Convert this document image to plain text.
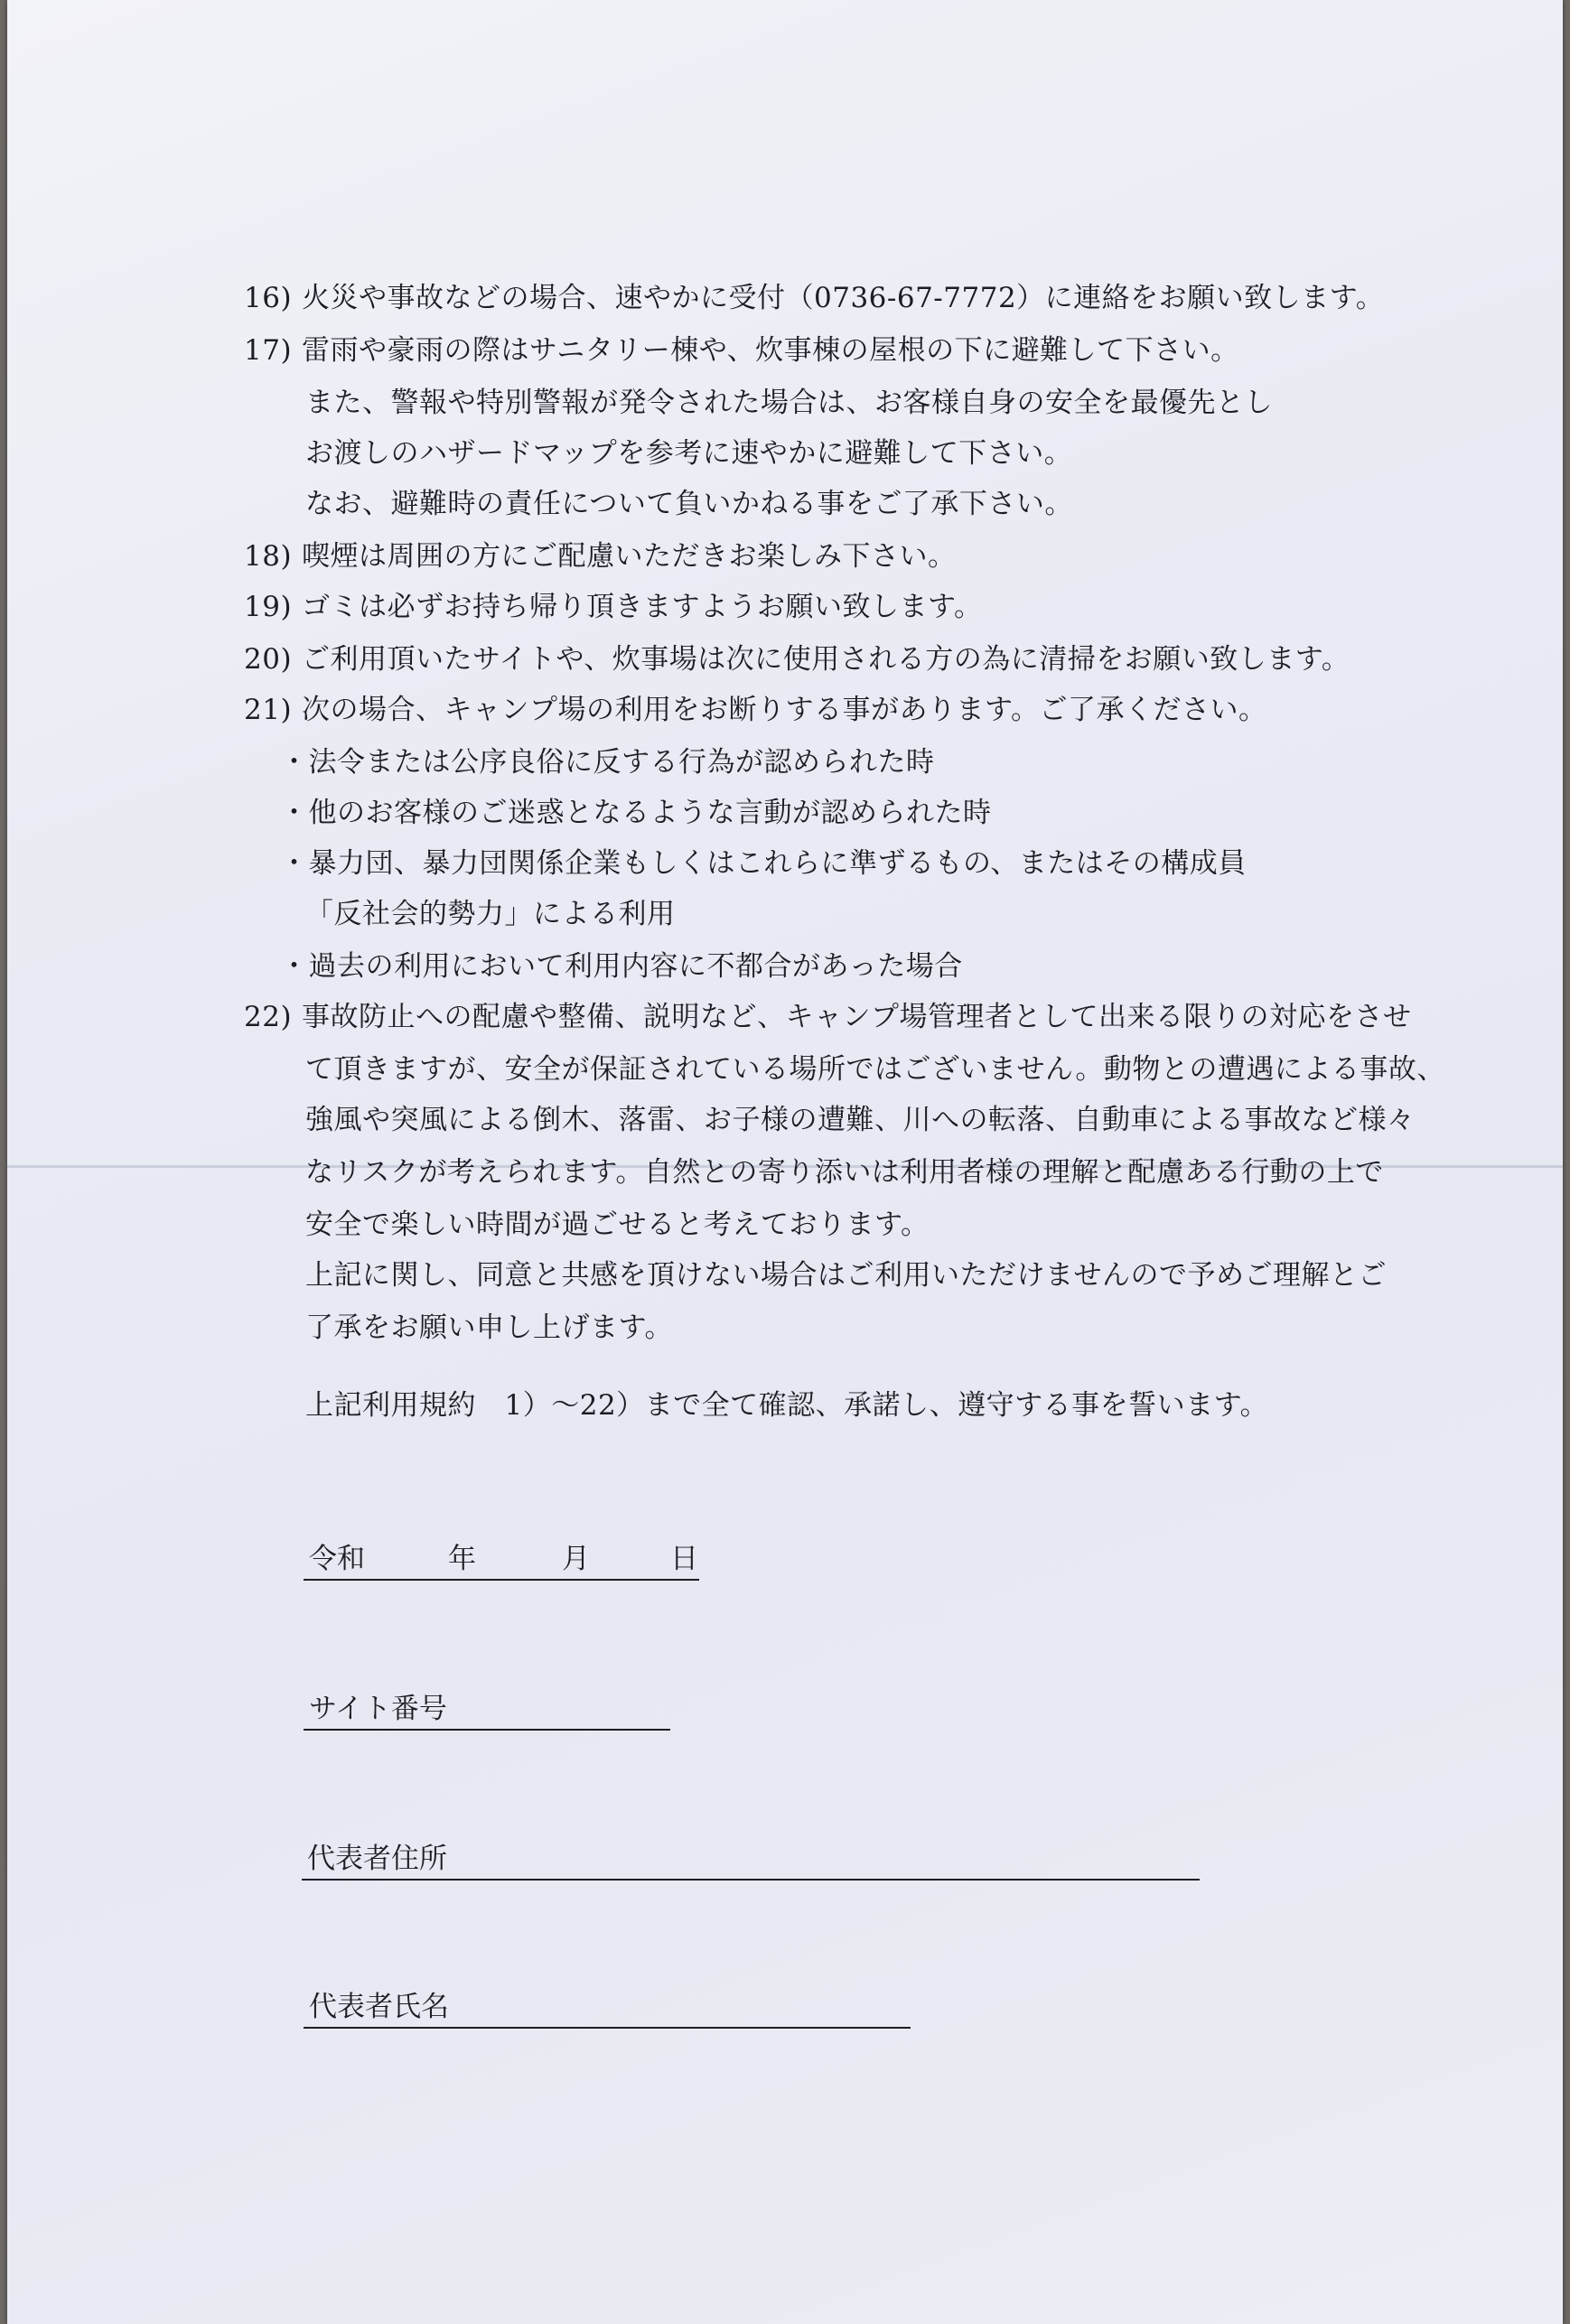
16) 火災や事故などの場合、速やかに受付（0736-67-7772）に連絡をお願い致します。
17) 雷雨や豪雨の際はサニタリー棟や、炊事棟の屋根の下に避難して下さい。
また、警報や特別警報が発令された場合は、お客様自身の安全を最優先とし
お渡しのハザードマップを参考に速やかに避難して下さい。
なお、避難時の責任について負いかねる事をご了承下さい。
18) 喫煙は周囲の方にご配慮いただきお楽しみ下さい。
19) ゴミは必ずお持ち帰り頂きますようお願い致します。
20) ご利用頂いたサイトや、炊事場は次に使用される方の為に清掃をお願い致します。
21) 次の場合、キャンプ場の利用をお断りする事があります。ご了承ください。
・法令または公序良俗に反する行為が認められた時
・他のお客様のご迷惑となるような言動が認められた時
・暴力団、暴力団関係企業もしくはこれらに準ずるもの、またはその構成員
「反社会的勢力」による利用
・過去の利用において利用内容に不都合があった場合
22) 事故防止への配慮や整備、説明など、キャンプ場管理者として出来る限りの対応をさせ
て頂きますが、安全が保証されている場所ではございません。動物との遭遇による事故、
強風や突風による倒木、落雷、お子様の遭難、川への転落、自動車による事故など様々
なリスクが考えられます。自然との寄り添いは利用者様の理解と配慮ある行動の上で
安全で楽しい時間が過ごせると考えております。
上記に関し、同意と共感を頂けない場合はご利用いただけませんので予めご理解とご
了承をお願い申し上げます。
上記利用規約　1）～22）まで全て確認、承諾し、遵守する事を誓います。
令和	年	月	日
サイト番号
代表者住所
代表者氏名
